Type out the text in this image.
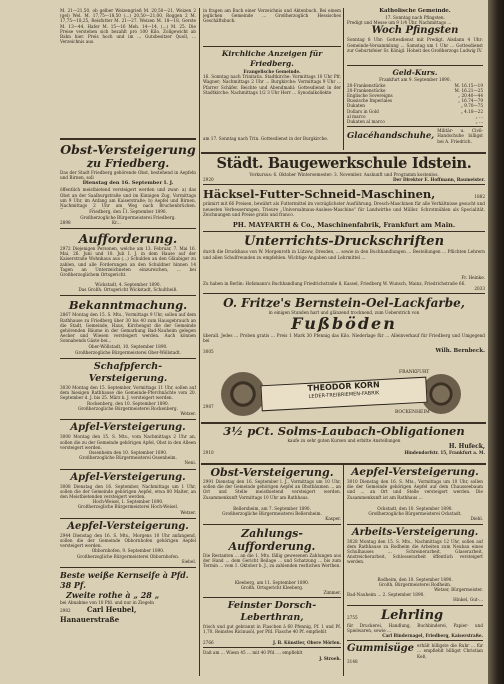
M. 21—21,50, ob gelber Weizengrieß M. 20,50—21, Weizen 2 (gel) Wel. M. 17,75—18,50 (...) 20,50—21,00, Roggen 2 M. 17,75—18,25, Reisfutter M. 21—27. Weizen M. 18—18, Gerste M. 13—44, Hafer M. 15—16 Meh. 14—14, (...) M. 25. Die Preise verstehen sich bezahlt pro 100 Kilo. Zollgewicht ab Bahn hier. Preis hoch und im ... Gutsbesitzer Quoll, ... Verzeichnis aus.
Obst-Versteigerung
zu Friedberg.
Das der Stadt Friedberg gehörende Obst, bestehend in Aepfeln und Birnen, soll
Dienstag den 16. September I. J.
öffentlich meistbietend versteigert werden und zwar: a) das Obst an der Saalburgstraße und im Kinnigen Zug, Vormittags um 9 Uhr, im Anfang am Kaiserstraße; b) Aepfel und Birnen, Nachmittags 2 Uhr am Weg nach Bruchenbrücken.
Friedberg, den 11. September 1890.
Großherzogliche Bürgermeisterei Friedberg.
2898	Kr...
Aufforderung.
2972 Diejenigen Personen, welche am 13. Februar, 7. Mai 16. Mai, 26. Juni und 10. Juli I. J. in dem Hause auf der Kaiserstraße Wohnhaus aus (...) Schulden an den Gläubiger zu zahlen, und alle Forderungen an den Schuldner binnen 14 Tagen an Unterzeichneten einzureichen, ... bei Großherzoglichem Ortsgericht.
Wickstadt, 4. September 1890.
Das Großh. Ortsgericht Wickstadt, Schultheiß.
Bekanntmachung.
2867 Montag den 15. S. Mts., Vormittags 9 Uhr, sollen auf dem Rathhause zu Friedberg über 30 bis 40 zum Hausgebrauch an die Stadt, Gemeinde, Haus, Kirchengut die der Gemeinde gehörenden Bäume in der Gemarkung Bad-Nauheim gelegen Aecker und Wiesen versteigert werden. Auch können Sonnabends Gäste bei...
Ober-Wöllstadt, 10. September 1890.
Großherzogliche Bürgermeisterei Ober-Wöllstadt.
Schafpferch-Versteigerung.
3030 Montag den 15. September, Vormittags 11 Uhr, sollen auf dem hiesigen Rathhause die Gemeinde-Pferchnächte vom 20. September d. J. bis 25. März k. J. versteigert werden.
Rockenberg, den 10. September 1890.
Großherzogliche Bürgermeisterei Rockenberg.
Wetzer.
Apfel-Versteigerung.
3000 Montag den 15. S. Mts., vom Nachmittags 2 Uhr an, sollen die zu der Gemeinde gehörigen Apfel, Obst in den Alleen versteigert werden.
Ossenheim den 10. September 1890.
Großherzogliche Bürgermeisterei Ossenheim.
Neni.
Apfel-Versteigerung.
3008 Dienstag den 16. September, Nachmittags um 1 Uhr, sollen die der Gemeinde gehörigen Aepfel, etwa 80 Malter, an den Meistbietenden versteigert werden.
Hoch-Weisel, 1. September 1890.
Großherzogliche Bürgermeisterei Hoch-Weisel.
Wetzer.
Aepfel-Versteigerung.
2944 Dienstag den 16. S. Mts., Morgens 10 Uhr anfangend, sollen die der Gemeinde Obbornhofen gehörigen Aepfel versteigert werden.
Obbornhofen, 9. September 1890.
Großherzogliche Bürgermeisterei Obbornhofen.
Siebel.
Beste weiße Kernseife à Pfd. 38 Pf.
Zweite rothe à „ 28 „
bei Abnahme von 10 Pfd. und nur in Ziegeln
2982 Carl Heubel, Hanauerstraße
in fragen am Buch einer Verzeichnis und Aktenbuch. Bei einem jeglichen Gemeinde ... Großherzoglich Hessisches Geschäftsbuch.
Kirchliche Anzeigen für Friedberg.
Evangelische Gemeinde.
16. Sonntag nach Trinitatis. Stadtkirche: Vormittags 10 Uhr Pfr. Wagner; Nachmittags 2 Uhr ... Burgkirche: Vormittags 9 Uhr ... Pfarrer Schäfer. Beichte und Abendmahl: Gottesdienst in der Stadtkirche: Nachmittags 1/2 3 Uhr Herr ... Synodalkollekte
am 17. Sonntag nach Trin. Gottesdienst in der Burgkirche.
Katholische Gemeinde.
17. Sonntag nach Pfingsten.
Predigt und Messe um 9 1/4 Uhr. Nachmittags ...
Woch Pfingsten
Sonntag 8 Uhr: Gottesdienst mit Predigt. Alsdann 4 Uhr: Gemeinde-Versammlung ... Samstag um 1 Uhr ... Gottesdienst zur Geburtsfeier Sr. Königl. Hoheit des Großherzogs Ludwig IV.
Geld-Kurs.
Frankfurt am 9. September 1890.
20-Frankenstücke	M. 16.15—19
20-Frankenstücke	M. 16.21—25
Englische Sovereigns	„ 20.40—44
Russische Imperiales	„ 16.74—79
Dukaten	„ 9.70—75
Dollars in Gold	„ 4.18—22
al marco	„ ...
Dukaten al marco	„ ...
Glacéhandschuhe,
Militär- u. Civil-Handschuhe billigst bei A. Friedrich.
Städt. Baugewerkschule Idstein.
Vorkursus: 6. Oktober Wintersemester: 3. November. Auskunft und Programm kostenlos.
2920	Der Direktor E. Hoffmann, Baumeister.
Häcksel-Futter-Schneid-Maschinen,	1882
prämirt mit 66 Preisen, bewährt als Futtermittel im vorzüglichster Ausführung. Dresch-Maschinen für alle Verhältnisse gesucht und neuesten Verbesserungen, Trieure „Universalmaus-Auslese-Maschine“ für Landwirthe und Müller. Schrotmühlen als Specialität. Zeichnungen und Preise gratis und franco.
PH. MAYFARTH & Co., Maschinenfabrik, Frankfurt am Main.
Unterrichts-Druckschriften
durch die Druckhaus von W. Morgenroth in Lützow, Dresden, ... sowie in den Buchhandlungen ... Bestellungen ... Pflichten Lehrern und allen Schulfreunden zu empfehlen. Wichtige Angaben und Lehrmittel ...
Fr. Heinke.
Zu haben in Berlin: Hofsmann's Buchhandlung Friedrichstraße 8, Kassel, Friedberg W. Wunsch, Mainz, Friedrichstraße 66.
2033
O. Fritze's Bernstein-Oel-Lackfarbe,
in einigen Stunden hart und glänzend trocknend, zum Ueberstrich von
Fußböden
überall. Jedes ... Proben gratis ... Preis 1 Mark 30 Pfennig das Kilo. Niederlage für ... Alleinverkauf für Friedberg und Umgegend bei
3005	Wilh. Bernbeck.
2987
THEODOR KORN
LEDER-TREIBRIEMEN-FABRIK
FRANKFURT
BOCKENHEIM
3½ pCt. Solms-Laubach-Obligationen
kaufe zu sehr guten Kursen und erbitte Anstellungen
H. Hufeck,
2910	Hindendorfstr. 15, Frankfurt a. M.
Obst-Versteigerung.
2991 Dienstag den 16. September l. J., Vormittags um 10 Uhr, sollen die der Gemeinde gehörigen Aepfel an Obstbäumen ... an Ort und Stelle meistbietend versteigert werden. Zusammenkunft Vormittags 10 Uhr am Rathhaus.
Bellersheim, am 7. September 1890.
Großherzogliche Bürgermeisterei Bellersheim.
Kasper.
Zahlungs-Aufforderung.
Die Restanten ... an die 1. Mts. fällig gewesenen Zahlungen aus der Hand ... dem Gericht Beilage ... und Schatzung ... bis zum Termin ... vom 1. Oktober b. J., zu zahlenden restlichen Werthen.
Kleeberg, am 11. September 1890.
Großh. Ortsgericht Kleeberg.
Zimmer.
Feinster Dorsch-Leberthran,
frisch und gut gebrannt in Flaschen à 60 Pfennig, Pf. 1 und Pf. 1,70. Reinstes Ricinusöl, per Pfd. Flasche 40 Pf. empfiehlt
2766	J. B. Künstler, Obere Mörlen.
Daß am ... Wiesn 45 ... mit 40 Pfd. ... empfiehlt
J. Stroeh.
Aepfel-Versteigerung.
3010 Dienstag den 16. S. Mts., Vormittags um 10 Uhr, sollen die der Gemeinde gehörigen Aepfel auf dem Chausseebaum und ... an Ort und Stelle versteigert werden. Die Zusammenkunft ist am Rathhaus ...
Ockstadt, den 10. September 1890.
Großherzogliche Bürgermeisterei Ockstadt.
Diehl.
Arbeits-Versteigerung.
3028 Montag den 15. S. Mts., Nachmittags 12 Uhr, sollen auf dem Rathhause zu Rodheim die Arbeiten zum Neubau eines Schulhauses ... Schreinerarbeit, Glaserarbeit, Anstreicherarbeit, Schlosserarbeit öffentlich versteigert werden.
Rodheim, den 10. September 1890.
Großh. Bürgermeisterei Rodheim.
Wetzer, Bürgermeister.
Bad-Nauheim ... 2. September 1890.
Hinkel, Gut-...
2755	Lehrling
für Druckerei, Handlung, Buchbinderei, Papier- und Spielwaren, sowie ...
Carl Bindernagel, Friedberg, Kaiserstraße.
Gummisüge erhält billigste die Ruhr ... für ... empfiehlt billigst Christian Keß,
3148
